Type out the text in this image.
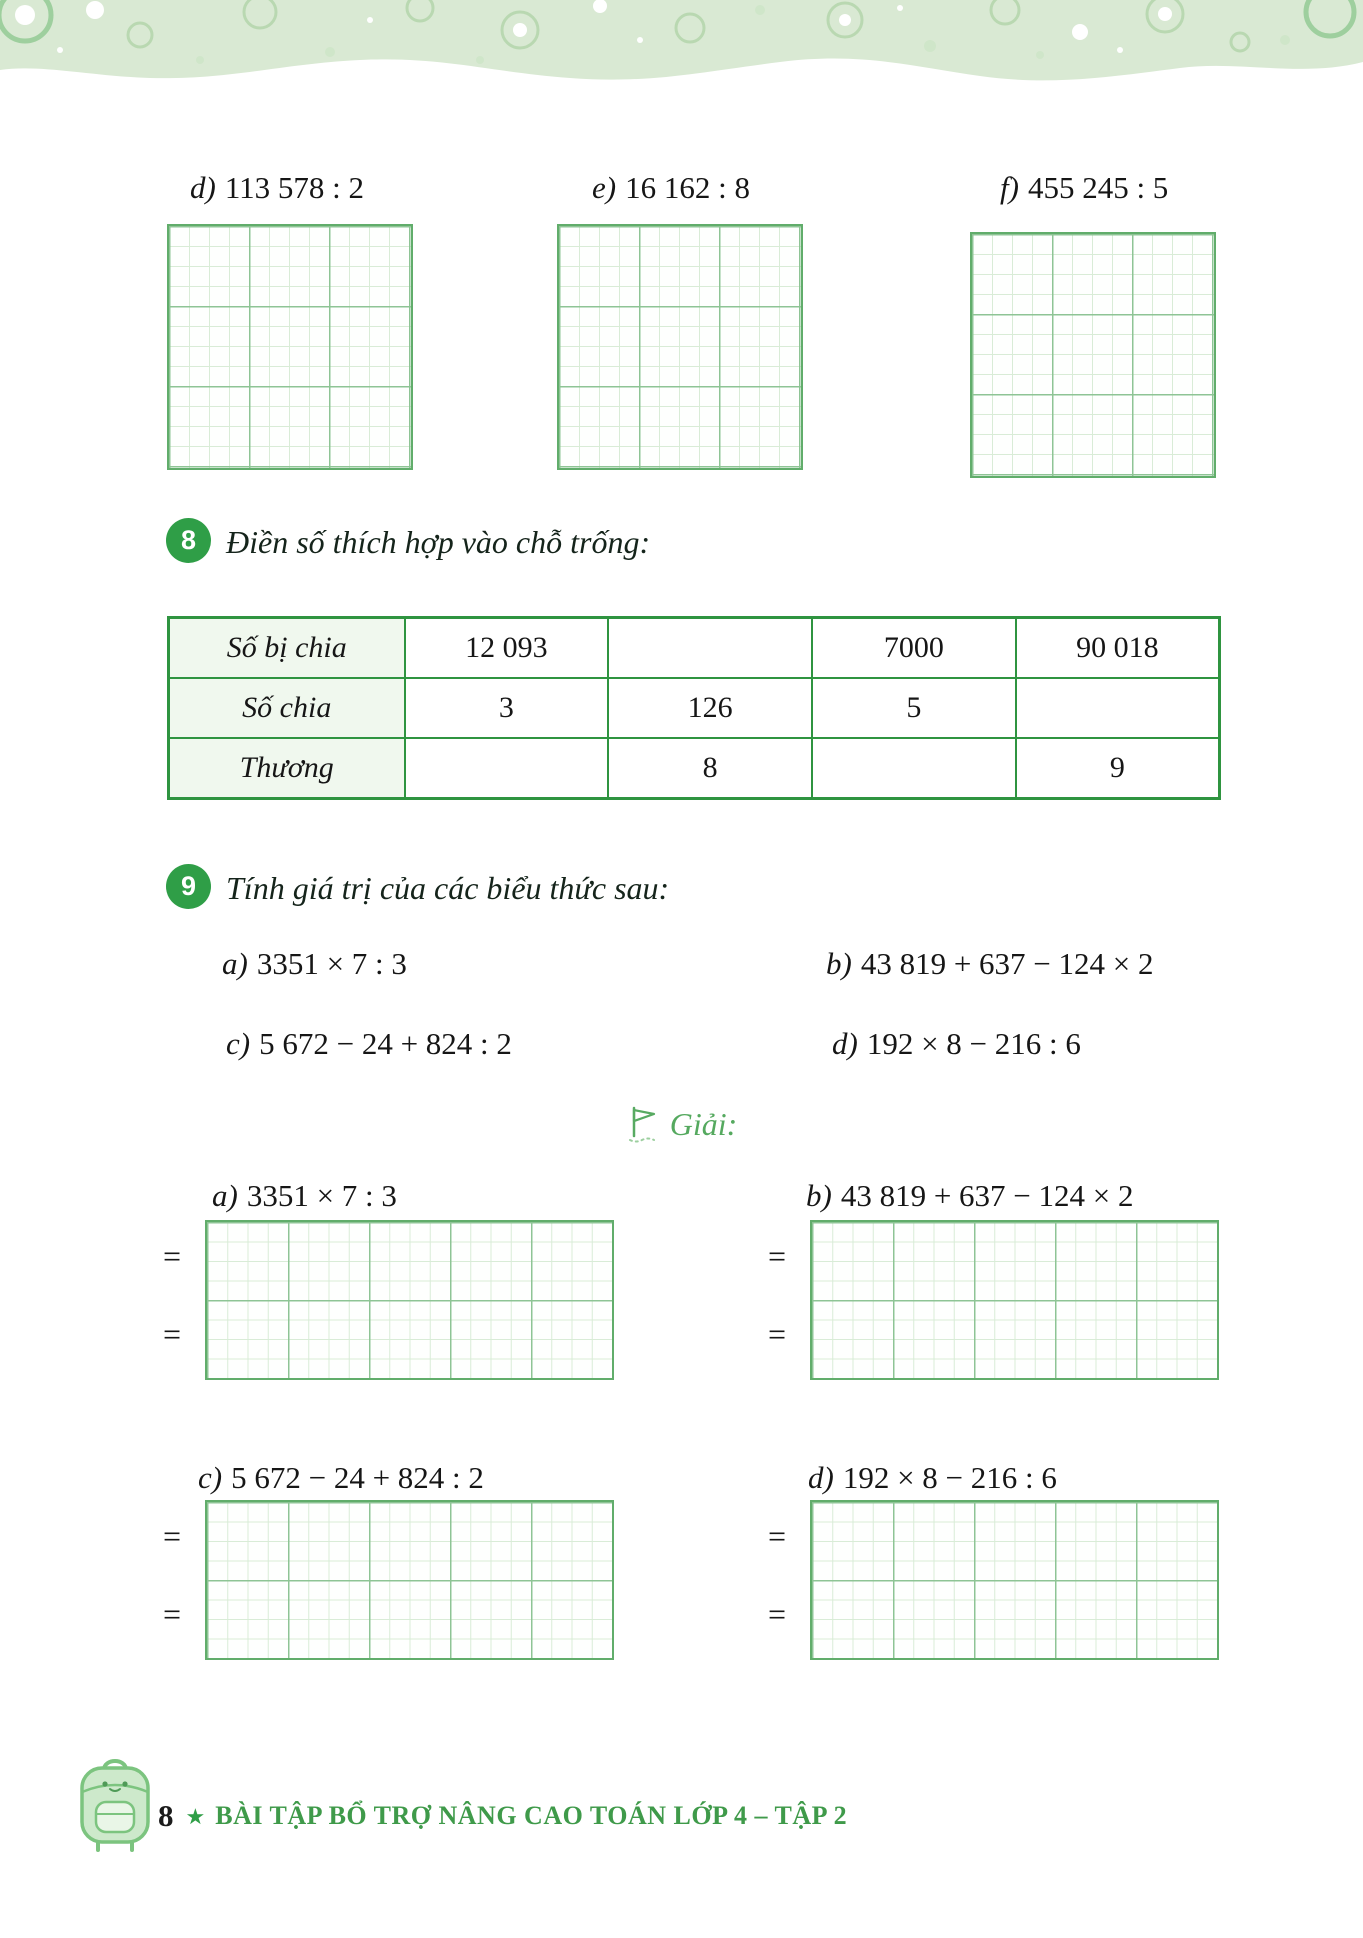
d) 113 578 : 2	e) 16 162 : 8	f) 455 245 : 5
8 Điền số thích hợp vào chỗ trống:
Số bị chia	12 093		7000	90 018
Số chia	3	126	5	
Thương		8		9
9 Tính giá trị của các biểu thức sau:
a) 3351 × 7 : 3	b) 43 819 + 637 − 124 × 2
c) 5 672 − 24 + 824 : 2	d) 192 × 8 − 216 : 6
Giải:
a) 3351 × 7 : 3	b) 43 819 + 637 − 124 × 2
=
=
=
=
c) 5 672 − 24 + 824 : 2	d) 192 × 8 − 216 : 6
=
=
=
=
8 ★ BÀI TẬP BỔ TRỢ NÂNG CAO TOÁN LỚP 4 – TẬP 2
